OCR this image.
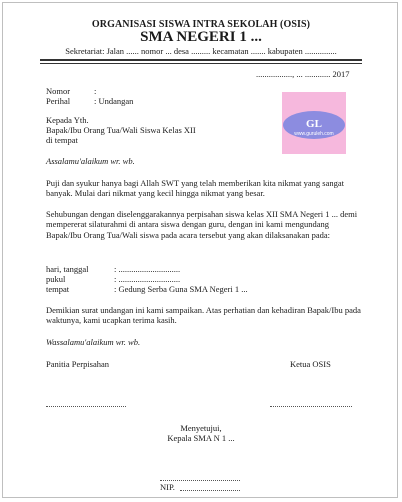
ORGANISASI SISWA INTRA SEKOLAH (OSIS)
SMA NEGERI 1 ...
Sekretariat: Jalan ...... nomor ... desa ......... kecamatan ....... kabupaten ...............
................., ... ............ 2017
Nomor	:
Perihal	: Undangan
GL
www.guruleh.com
Kepada Yth.
Bapak/Ibu Orang Tua/Wali Siswa Kelas XII
di tempat
Assalamu'alaikum wr. wb.
Puji dan syukur hanya bagi Allah SWT yang telah memberikan kita nikmat yang sangat banyak. Mulai dari nikmat yang kecil hingga nikmat yang besar.
Sehubungan dengan diselenggarakannya perpisahan siswa kelas XII SMA Negeri 1 ... demi mempererat silaturahmi di antara siswa dengan guru, dengan ini kami mengundang Bapak/Ibu Orang Tua/Wali siswa pada acara tersebut yang akan dilaksanakan pada:
hari, tanggal	: .............................
pukul	: .............................
tempat	: Gedung Serba Guna SMA Negeri 1 ...
Demikian surat undangan ini kami sampaikan. Atas perhatian dan kehadiran Bapak/Ibu pada waktunya, kami ucapkan terima kasih.
Wassalamu'alaikum wr. wb.
Panitia Perpisahan	Ketua OSIS
Menyetujui,
Kepala SMA N 1 ...
NIP.
